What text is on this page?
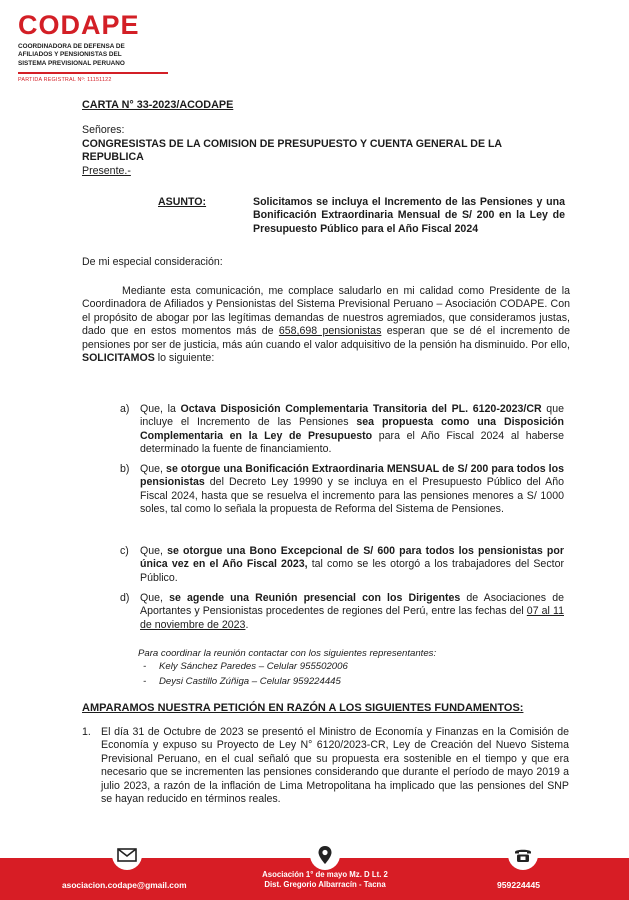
CODAPE
COORDINADORA DE DEFENSA DE
AFILIADOS Y PENSIONISTAS DEL
SISTEMA PREVISIONAL PERUANO
PARTIDA REGISTRAL Nº: 11151122
CARTA N° 33-2023/ACODAPE
Señores:
CONGRESISTAS DE LA COMISION DE PRESUPUESTO Y CUENTA GENERAL DE LA REPUBLICA
Presente.-
ASUNTO:	Solicitamos se incluya el Incremento de las Pensiones y una Bonificación Extraordinaria Mensual de S/ 200 en la Ley de Presupuesto Público para el Año Fiscal 2024
De mi especial consideración:
Mediante esta comunicación, me complace saludarlo en mi calidad como Presidente de la Coordinadora de Afiliados y Pensionistas del Sistema Previsional Peruano – Asociación CODAPE. Con el propósito de abogar por las legítimas demandas de nuestros agremiados, que consideramos justas, dado que en estos momentos más de 658,698 pensionistas esperan que se dé el incremento de pensiones por ser de justicia, más aún cuando el valor adquisitivo de la pensión ha disminuido. Por ello, SOLICITAMOS lo siguiente:
a) Que, la Octava Disposición Complementaria Transitoria del PL. 6120-2023/CR que incluye el Incremento de las Pensiones sea propuesta como una Disposición Complementaria en la Ley de Presupuesto para el Año Fiscal 2024 al haberse determinado la fuente de financiamiento.
b) Que, se otorgue una Bonificación Extraordinaria MENSUAL de S/ 200 para todos los pensionistas del Decreto Ley 19990 y se incluya en el Presupuesto Público del Año Fiscal 2024, hasta que se resuelva el incremento para las pensiones menores a S/ 1000 soles, tal como lo señala la propuesta de Reforma del Sistema de Pensiones.
c)	Que, se otorgue una Bono Excepcional de S/ 600 para todos los pensionistas por única vez en el Año Fiscal 2023, tal como se les otorgó a los trabajadores del Sector Público.
d) Que, se agende una Reunión presencial con los Dirigentes de Asociaciones de Aportantes y Pensionistas procedentes de regiones del Perú, entre las fechas del 07 al 11 de noviembre de 2023.
Para coordinar la reunión contactar con los siguientes representantes:
- Kely Sánchez Paredes – Celular 955502006
- Deysi Castillo Zúñiga – Celular 959224445
AMPARAMOS NUESTRA PETICIÓN EN RAZÓN A LOS SIGUIENTES FUNDAMENTOS:
1. El día 31 de Octubre de 2023 se presentó el Ministro de Economía y Finanzas en la Comisión de Economía y expuso su Proyecto de Ley N° 6120/2023-CR, Ley de Creación del Nuevo Sistema Previsional Peruano, en el cual señaló que su propuesta era sostenible en el tiempo y que era necesario que se incrementen las pensiones considerando que durante el período de mayo 2019 a julio 2023, a razón de la inflación de Lima Metropolitana ha implicado que las pensiones del SNP se hayan reducido en términos reales.
asociacion.codape@gmail.com
Asociación 1° de mayo Mz. D Lt. 2
Dist. Gregorio Albarracín - Tacna	959224445
